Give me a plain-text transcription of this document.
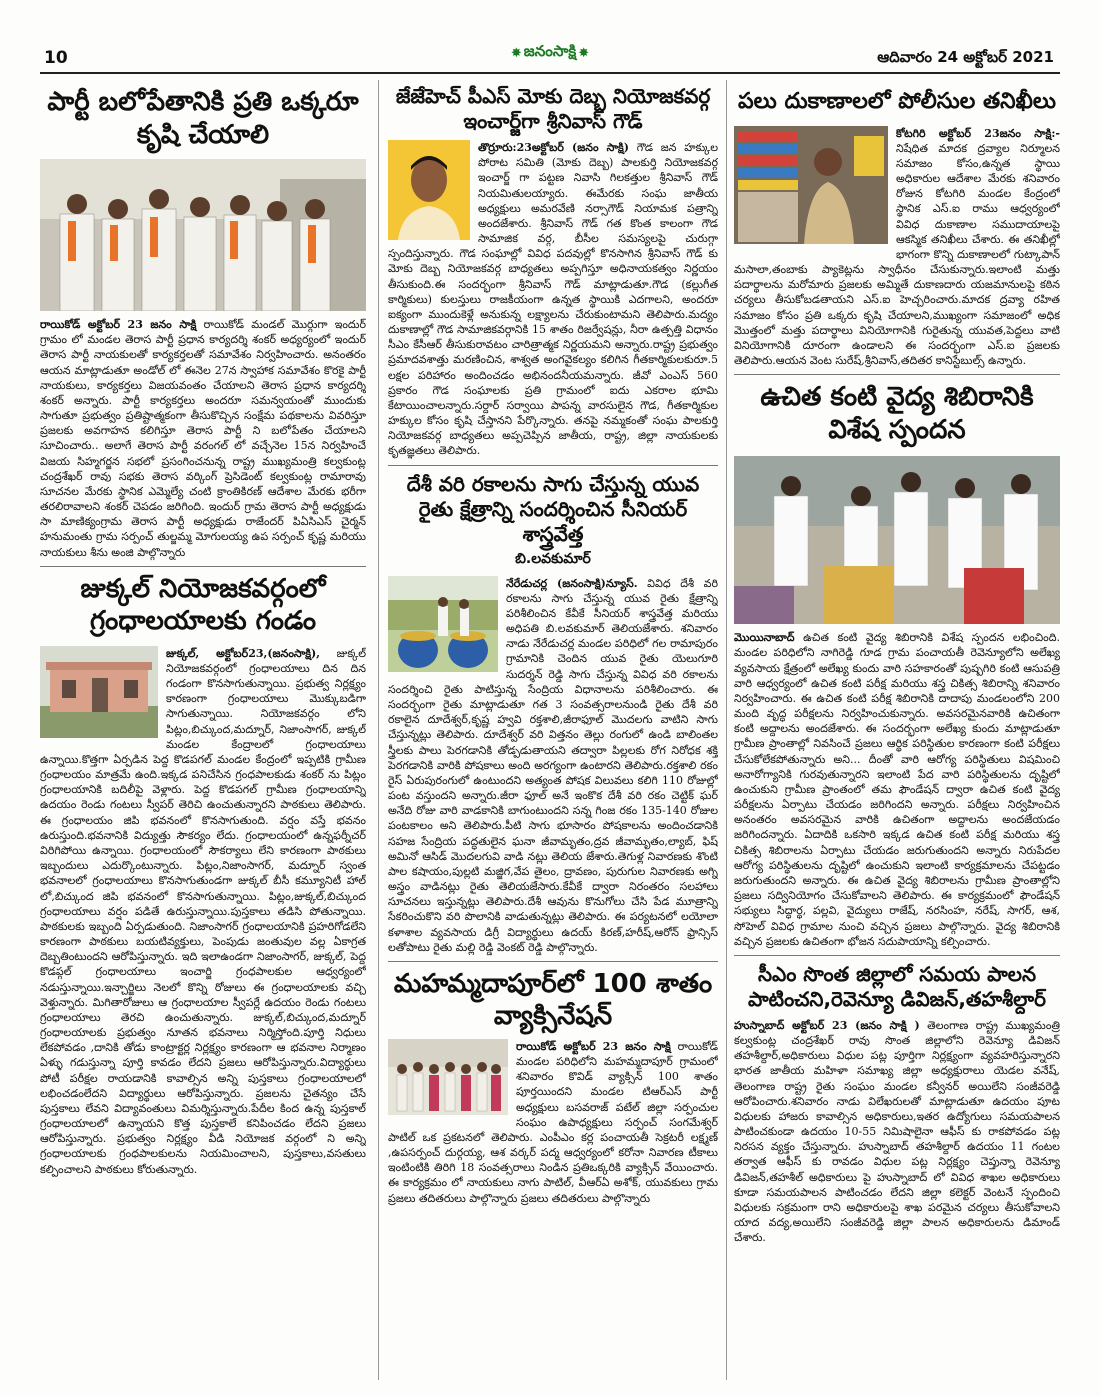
10	✸ జనంసాక్షి ✸	ఆదివారం 24 అక్టోబర్ 2021
పార్టీ బలోపేతానికి ప్రతి ఒక్కరూ కృషి చేయాలి
రాయికోడ్ అక్టోబర్ 23 జనం సాక్షి రాయికోడ్ మండల్ మొర్గుగా ఇందుర్ గ్రామం లో మండల తెరాస పార్టీ ప్రధాన కార్యదర్శి శంకర్ అధ్యర్యంలో ఇందుర్ తెరాస పార్టీ నాయకులతో కార్యకర్తలతో సమావేశం నిర్వహించారు. అనంతరం ఆయన మాట్లాడుతూ అండోల్ లో ఈనెల 27న స్వాహాక సమావేశం కొరకై పార్టీ నాయకులు, కార్యకర్తలు విజయవంతం చేయాలని తెరాస ప్రధాన కార్యదర్శి శంకర్ అన్నారు. పార్టీ కార్యకర్తలు అందరూ సమన్వయంతో ముందుకు సాగుతూ ప్రభుత్వం ప్రతిష్టాత్మకంగా తీసుకొచ్చిన సంక్షేమ పథకాలను వివరిస్తూ ప్రజలకు అవగాహన కలిగిస్తూ తెరాస పార్టీ ని బలోపేతం చేయాలని సూచించారు.. అలాగే తెరాస పార్టీ వరంగల్ లో వచ్చేనెల 15న నిర్వహించే విజయ సిహ్మగర్జన సభలో ప్రసంగించనున్న రాష్ట్ర ముఖ్యమంత్రి కల్వకుంట్ల చంద్రశేఖర్ రావు సభకు తెరాస వర్కింగ్ ప్రెసిడెంట్ కల్వకుంట్ల రామారావు సూచనల మేరకు స్థానిక ఎమ్మెల్యే చంటి క్రాంతికిరణ్ ఆదేశాల మేరకు భరీగా తరలిరావాలని శంకర్ చెపడం జరిగింది. ఇందుర్ గ్రామ తెరాస పార్టీ అధ్యక్షుడు సా మాణిక్యంగ్రామ తెరాస పార్టీ అధ్యక్షుడు రాజేందర్ పిఏసిఎస్ చైర్మన్ హనుమంతు గ్రామ సర్పంచ్ తుల్జమ్మ మోగులయ్య ఉప సర్పంచ్ కృష్ణ మరియు నాయకులు శీను అంజి పాల్గొన్నారు
జుక్కల్ నియోజకవర్గంలో గ్రంధాలయాలకు గండం
జుక్కల్, అక్టోబర్23,(జనంసాక్షి), జుక్కల్ నియోజకవర్గంలో గ్రంధాలయాలు దిన దిన గండంగా కొనసాగుతున్నాయి. ప్రభుత్వ నిర్లక్ష్యం కారణంగా గ్రంధాలయాలు మొక్కుబడిగా సాగుతున్నాయి. నియోజకవర్గం లోని పిట్లం,బిచ్కుంద,మద్నూర్, నిజాంసాగర్, జుక్కల్ మండల కేంద్రాలలో గ్రంధాలయాలు ఉన్నాయి.కొత్తగా ఏర్పడిన పెద్ద కొడపగల్ మండల కేంద్రంలో ఇప్పటికి గ్రామీణ గ్రంధాలయం మాత్రమే ఉంది.ఇక్కడ పనిచేసిన గ్రంధపాలకుడు శంకర్ ను పిట్లం గ్రంధాలయానికి బదిలీపై వెళ్లారు. పెద్ద కొడపగల్ గ్రామీణ గ్రంధాలయాన్ని ఉదయం రెండు గంటలు స్వీపర్ తెరిచి ఉంచుతున్నారని పాఠకులు తెలిపారు. ఈ గ్రంధాలయం జిపి భవనంలో కొనసాగుతుంది. వర్షం వస్తే భవనం ఉరుస్తుంది.భవనానికి విద్యుత్తు సౌకర్యం లేదు. గ్రంధాలయంలో ఉన్నఫర్నీచర్ విరిగిపోయి ఉన్నాయి. గ్రంధాలయంలో సౌకర్యాలు లేని కారణంగా పాఠకులు ఇబ్బందులు ఎదుర్కొంటున్నారు. పిట్లం,నిజాంసాగర్, మద్నూర్ స్వంత భవనాలలో గ్రంధాలయాలు కొనసాగుతుండగా జుక్కల్ బీసీ కమ్యూనిటీ హాల్ లో,బిచ్కుంద జిపి భవనంలో కొనసాగుతున్నాయి. పిట్లం,జుక్కల్,బిచ్కుంద గ్రంధాలయాలు వర్షం పడితే ఉరుస్తున్నాయి.పుస్తకాలు తడిసి పోతున్నాయి. పాఠకులకు ఇబ్బంది ఏర్పడుతుంది. నిజాంసాగర్ గ్రంధాలయానికి ప్రహరిగోడలేని కారణంగా పాఠకులు బయటివ్యక్తులు, పెంపుడు జంతువుల వల్ల ఏకాగ్రత దెబ్బతింటుందని ఆరోపిస్తున్నారు. ఇది ఇలాఉండగా నిజాంసాగర్, జుక్కల్, పెద్ద కొడప్గల్ గ్రంధాలయాలు ఇంచార్జి గ్రంధపాలకుల ఆధ్వర్యంలో నడుస్తున్నాయి.ఇన్చార్జిలు నెలలో కొన్ని రోజులు ఈ గ్రంధాలయాలకు వచ్చి వెళ్తున్నారు. మిగితారోజులు ఆ గ్రంధాలయాల స్వీపర్లే ఉదయం రెండు గంటలు గ్రంధాలయాలు తెరచి ఉంచుతున్నారు. జుక్కల్,బిచ్కుంద,మద్నూర్ గ్రంధాలయాలకు ప్రభుత్వం నూతన భవనాలు నిర్మిస్తోంది.పూర్తి నిధులు లేకపోవడం ,దానికి తోడు కాంట్రాక్టర్ల నిర్లక్ష్యం కారణంగా ఆ భవనాల నిర్మాణం ఏళ్ళు గడుస్తున్నా పూర్తి కావడం లేదని ప్రజలు ఆరోపిస్తున్నారు.విద్యార్థులు పోటీ పరీక్షల రాయడానికి కావాల్సిన అన్ని పుస్తకాలు గ్రంధాలయాలలో లభించడంలేదని విద్యార్థులు ఆరోపిస్తున్నారు. ప్రజలను చైతన్యం చేసే పుస్తకాలు లేవని విద్యావంతులు విమర్శిస్తున్నారు.పేదీల కింద ఉన్న పుస్తకాల్ గ్రంధాలయాలలో ఉన్నాయని కొత్త పుస్తకాలే కనిపించడం లేదని ప్రజలు ఆరోపిస్తున్నారు. ప్రభుత్వం నిర్లక్ష్యం వీడి నియోజక వర్గంలో ని అన్ని గ్రంధాలయాలకు గ్రంధపాలకులను నియమించాలని, పుస్తకాలు,వసతులు కల్పించాలని పాఠకులు కోరుతున్నారు.
జేజేహెచ్ పీఎస్ మోకు దెబ్బ నియోజకవర్గ ఇంచార్జ్‌గా శ్రీనివాస్ గౌడ్
తొర్రూరు:23అక్టోబర్ (జనం సాక్షి) గౌడ జన హక్కుల పోరాట సమితి (మోకు దెబ్బ) పాలకుర్తి నియోజకవర్గ ఇంచార్జ్ గా పట్టణ నివాసి గిలకత్తుల శ్రీనివాస్ గౌడ్ నియమితులయ్యారు. ఈమేరకు సంఘ జాతీయ అధ్యక్షులు అమరవేణి నర్సాగౌడ్ నియామక పత్రాన్ని అందజేశారు. శ్రీనివాస్ గౌడ్ గత కొంత కాలంగా గౌడ సామాజిక వర్గ, బీసీల సమస్యలపై చురుగ్గా స్పందిస్తున్నారు. గౌడ సంఘాల్లో వివిధ పదవుల్లో కొనసాగిన శ్రీనివాస్ గౌడ్ కు మోకు దెబ్బ నియోజకవర్గ బాధ్యతలు అప్పగిస్తూ అధినాయకత్వం నిర్ణయం తీసుకుంది.ఈ సందర్భంగా శ్రీనివాస్ గౌడ్ మాట్లాడుతూ.గౌడ (కల్లుగీత కార్మికులు) కులస్తులు రాజకీయంగా ఉన్నత స్థాయికి ఎదగాలని, అందరూ ఐక్యంగా ముందుకెళ్లే అనుకున్న లక్ష్యాలను చేరుకుంటామని తెలిపారు.మద్యం దుకాణాల్లో గౌడ సామాజికవర్గానికి 15 శాతం రిజర్వేషన్లు, నీరా ఉత్పత్తి విధానం సీఎం కేసీఆర్ తీసుకురావటం చారిత్రాత్మక నిర్ణయమని అన్నారు.రాష్ట్ర ప్రభుత్వం ప్రమాదవశాత్తు మరణించిన, శాశ్వత అంగవైకల్యం కలిగిన గీతకార్మికులకురూ.5 లక్షల పరిహారం అందించడం అభినందనీయమన్నారు. జీవో ఎంఎస్ 560 ప్రకారం గౌడ సంఘాలకు ప్రతి గ్రామంలో ఐదు ఎకరాల భూమి కేటాయించాలన్నారు.సర్దార్ సర్వాయి పాపన్న వారసులైన గౌడ, గీతకార్మికుల హక్కుల కోసం కృషి చేస్తానని పేర్కొన్నారు. తనపై నమ్మకంతో సంఘ పాలకుర్తి నియోజకవర్గ బాధ్యతలు అప్పచెప్పిన జాతీయ, రాష్ట్ర, జిల్లా నాయకులకు కృతజ్ఞతలు తెలిపారు.
దేశీ వరి రకాలను సాగు చేస్తున్న యువ రైతు క్షేత్రాన్ని సందర్శించిన సీనియర్ శాస్త్రవేత్త
బి.లవకుమార్
నేరేడుచర్ల (జనంసాక్షి)న్యూస్. వివిధ దేశీ వరి రకాలను సాగు చేస్తున్న యువ రైతు క్షేత్రాన్ని పరిశీలించిన కేవీకే సీనియర్ శాస్త్రవేత్త మరియు అధిపతి బి.లవకుమార్ తెలియజేశారు. శనివారం నాడు నేరేడుచర్ల మండల పరిధిలో గల రామాపురం గ్రామానికి చెందిన యువ రైతు యెలుగూరి సుదర్శన్ రెడ్డి సాగు చేస్తున్న వివిధ వరి రకాలను సందర్శించి రైతు పాటిస్తున్న సేంద్రియ విధానాలను పరిశీలించారు. ఈ సందర్భంగా రైతు మాట్లాడుతూ గత 3 సంవత్సరాలనుండి రైతు దేశీ వరి రకాలైన దూదేశ్వర్,కృష్ణ హ్వవి రక్తశాలి,జీరాఫూల్ మొదలగు వాటిని సాగు చేస్తున్నట్లు తెలిపారు. దూదేశ్వర్ వరి విత్తనం తెల్లు రంగులో ఉండి బాలింతల స్త్రీలకు పాలు పెరగడానికి తోడ్పడుతాయని తద్వారా పిల్లలకు రోగ నిరోధక శక్తి పెరగడానికి వారికి పోషకాలు అంది అరగ్యంగా ఉంటారని తెలిపారు.రక్తశాలి రకం రైస్ ఏరుపురంగులో ఉంటుందని అత్యంత పోషక విలువలు కలిగి 110 రోజుల్లో పంట వస్తుందని అన్నారు.జీరా ఫూల్ అనే ఇంకొక దేశీ వరి రకం చెట్టిక్ ఘర్ అనేది రోజు వారి వాడకానికి బాగుంటుందని సన్న గింజ రకం 135-140 రోజుల పంటకాలం అని తెలిపారు.పీటి సాగు భూసారం పోషకాలను అందించడానికి సహజ సేంద్రియ పద్ధతులైన ఘనా జీవామృతం,ద్రవ జీవామృతం,ల్యాబ్, ఫిష్ అమినో ఆసిడ్ మొదలగువి వాడి నట్లు తెలియ జేశారు.తెగుళ్ల నివారణకు శొంటి పాల కషాయం,పుల్లటి మజ్జిగ,వేప తైలం, ద్రావణం, పురుగుల నివారణకు అగ్ని అస్త్రం వాడినట్లు రైతు తెలియజేసారు.కేవీకే ద్వారా నిరంతరం సలహాలు సూచనలు ఇస్తున్నట్లు తెలిపారు.దేశీ ఆవును కొనుగోలు చేసి పేడ మూత్రాన్ని సేకరించుకొని వరి పొలానికి వాడుతున్నట్లు తెలిపారు. ఈ పర్యటనలో లయోలా కళాశాల వ్యవసాయ డిగ్రీ విద్యార్థులు ఉదయ్ కిరణ్,హరీష్,ఆరోన్ ఫ్రాన్సిస్ లతోపాటు రైతు మల్లి రెడ్డి వెంకట్ రెడ్డి పాల్గొన్నారు.
మహమ్మదాపూర్‌లో 100 శాతం వ్యాక్సినేషన్
రాయికోడ్ అక్టోబర్ 23 జనం సాక్షి రాయికోడ్ మండల పరిధిలోని మహమ్మదాపూర్ గ్రామంలో శనివారం కొవిడ్ వ్యాక్సిన్ 100 శాతం పూర్తయిందని మండల టిఆర్ఎస్ పార్టీ అధ్యక్షులు బసవరాజ్ పటేల్ జిల్లా సర్పంచుల సంఘం ఉపాధ్యక్షులు సర్పంచ్ సంగమేశ్వర్ పాటిల్ ఒక ప్రకటనలో తెలిపారు. ఎంపీఎం కర్ల పంచాయతీ సెక్రటరీ లక్ష్మణ్ ,ఉపసర్పంచ్ దుర్గయ్య, ఆశ వర్కర్ పద్మ ఆధ్వర్యంలో కరోనా నివారణ టీకాలు ఇంటింటికి తిరిగి 18 సంవత్సరాలు నిండిన ప్రతిఒక్కరికి వ్యాక్సిన్ వేయించారు. ఈ కార్యక్రమం లో నాయకులు నాగు పాటిల్, వీఆర్ఏ అశోక్, యువకులు గ్రామ ప్రజలు తదితరులు పాల్గొన్నారు ప్రజలు తదితరులు పాల్గొన్నారు
పలు దుకాణాలలో పోలీసుల తనిఖీలు
కోటగిరి అక్టోబర్ 23జనం సాక్షి:- నిషేధిత మాదక ద్రవ్యాల నిర్మూలన సమాజం కోసం,ఉన్నత స్థాయి అధికారుల ఆదేశాల మేరకు శనివారం రోజున కోటగిరి మండల కేంద్రంలో స్థానిక ఎస్.ఐ రాము ఆధ్వర్యంలో వివిధ దుకాణాల సముదాయాలపై ఆకస్మిక తనిఖీలు చేశారు. ఈ తనిఖీల్లో భాగంగా కొన్ని దుకాణాలలో గుట్కాపాన్ మసాలా,తంబాకు ప్యాకెట్లను స్వాధీనం చేసుకున్నారు.ఇలాంటి మత్తు పదార్థాలను మరోమారు ప్రజలకు అమ్మితే దుకాణదారు యజమానులపై కఠిన చర్యలు తీసుకోబడతాయని ఎస్.ఐ హెచ్చరించారు.మాదక ద్రవ్యా రహిత సమాజం కోసం ప్రతి ఒక్కరు కృషి చేయాలని,ముఖ్యంగా సమాజంలో అధిక మొత్తంలో మత్తు పదార్థాలు వినియోగానికి గురైతున్న యువత,పెద్దలు వాటి వినియోగానికి దూరంగా ఉండాలని ఈ సందర్భంగా ఎస్.ఐ ప్రజలకు తెలిపారు.ఆయన వెంట సురేష్,శ్రీనివాస్,తదితర కానిస్టేబుల్స్ ఉన్నారు.
ఉచిత కంటి వైద్య శిబిరానికి విశేష స్పందన
మొయినాబాద్ ఉచిత కంటి వైద్య శిబిరానికి విశేష స్పందన లభించింది. మండల పరిధిలోని నాగిరెడ్డి గూడ గ్రామ పంచాయతీ రెవెన్యూలోని అలేఖ్య వ్యవసాయ క్షేత్రంలో అలేఖ్య కుందు వారి సహకారంతో పుష్పగిరి కంటి ఆసుపత్రి వారి ఆధ్వర్యంలో ఉచిత కంటి పరీక్ష మరియు శస్త్ర చికిత్స శిబిరాన్ని శనివారం నిర్వహించారు. ఈ ఉచిత కంటి పరీక్ష శిబిరానికి దాదాపు మండలంలోని 200 మంది వృద్ధ పరీక్షలను నిర్వహించుకున్నారు. అవసరమైనవారికి ఉచితంగా కంటి అద్దాలను అందజేశారు. ఈ సందర్భంగా అలేఖ్య కుందు మాట్లాడుతూ గ్రామీణ ప్రాంతాల్లో నివసించే ప్రజలు ఆర్థిక పరిస్థితుల కారణంగా కంటి పరీక్షలు చేసుకోలేకపోతున్నారు అని... దీంతో వారి ఆరోగ్య పరిస్థితులు విషమించి అనారోగ్యానికి గురవుతున్నారని ఇలాంటి పేద వారి పరిస్థితులను దృష్టిలో ఉంచుకుని గ్రామీణ ప్రాంతంలో తమ ఫౌండేషన్ ద్వారా ఉచిత కంటి వైద్య పరీక్షలను ఏర్పాటు చేయడం జరిగిందని అన్నారు. పరీక్షలు నిర్వహించిన అనంతరం అవసరమైన వారికి ఉచితంగా అద్దాలను అందజేయడం జరిగిందన్నారు. ఏదాదికి ఒకసారి ఇక్కడ ఉచిత కంటి పరీక్ష మరియు శస్త్ర చికిత్స శిబిరాలను ఏర్పాటు చేయడం జరుగుతుందని అన్నారు నిరుపేదల ఆరోగ్య పరిస్థితులను దృష్టిలో ఉంచుకుని ఇలాంటి కార్యక్రమాలను చేపట్టడం జరుగుతుందని అన్నారు. ఈ ఉచిత వైద్య శిబిరాలను గ్రామీణ ప్రాంతాల్లోని ప్రజలు సద్వినియోగం చేసుకోవాలని తెలిపారు. ఈ కార్యక్రమంలో ఫౌండేషన్ సభ్యులు సిద్ధార్థ, పల్లవి, వైద్యులు రాజేష్, నరసింహ, నరేష్, సాగర్, ఆశ, సోహెల్ వివిధ గ్రామాల నుంచి వచ్చిన ప్రజలు పాల్గొన్నారు. వైద్య శిబిరానికి వచ్చిన ప్రజలకు ఉచితంగా భోజన సదుపాయాన్ని కల్పించారు.
సీఎం సొంత జిల్లాలో సమయ పాలన పాటించని,రెవెన్యూ డివిజన్,తహశీల్దార్
హుస్నాబాద్ అక్టోబర్ 23 (జనం సాక్షి ) తెలంగాణ రాష్ట్ర ముఖ్యమంత్రి కల్వకుంట్ల చంద్రశేఖర్ రావు సొంత జిల్లాలోని రెవెన్యూ డివిజన్ తహశీల్దార్,అధికారులు విధుల పట్ల పూర్తిగా నిర్లక్ష్యంగా వ్యవహరిస్తున్నారని భారత జాతీయ మహిళా సమాఖ్య జిల్లా అధ్యక్షురాలు యెడల వనేష్, తెలంగాణ రాష్ట్ర రైతు సంఘం మండల కన్వీనర్ అయిలేని సంజీవరెడ్డి ఆరోపించారు.శనివారం నాడు విలేఖరులతో మాట్లాడుతూ ఉదయం పూట విధులకు హాజరు కావాల్సిన అధికారులు,ఇతర ఉద్యోగులు సమయపాలన పాటించకుండా ఉదయం 10-55 నిమిషాలైనా ఆఫీస్ కు రాకపోవడం పట్ల నిరసన వ్యక్తం చేస్తున్నారు. హుస్నాబాద్ తహశీల్దార్ ఉదయం 11 గంటల తర్వాత ఆఫీస్ కు రావడం విధుల పట్ల నిర్లక్ష్యం చెప్తున్నా రెవెన్యూ డివిజన్,తహశీల్ అధికారులు పై హుస్నాబాద్ లో వివిధ శాఖల అధికారులు కూడా సమయపాలన పాటించడం లేదని జిల్లా కలెక్టర్ వెంటనే స్పందించి విధులకు సక్రమంగా రాని అధికారులపై శాఖ పరమైన చర్యలు తీసుకోవాలని యాద వద్య,అయిలేని సంజీవరెడ్డి జిల్లా పాలన అధికారులను డిమాండ్ చేశారు.
